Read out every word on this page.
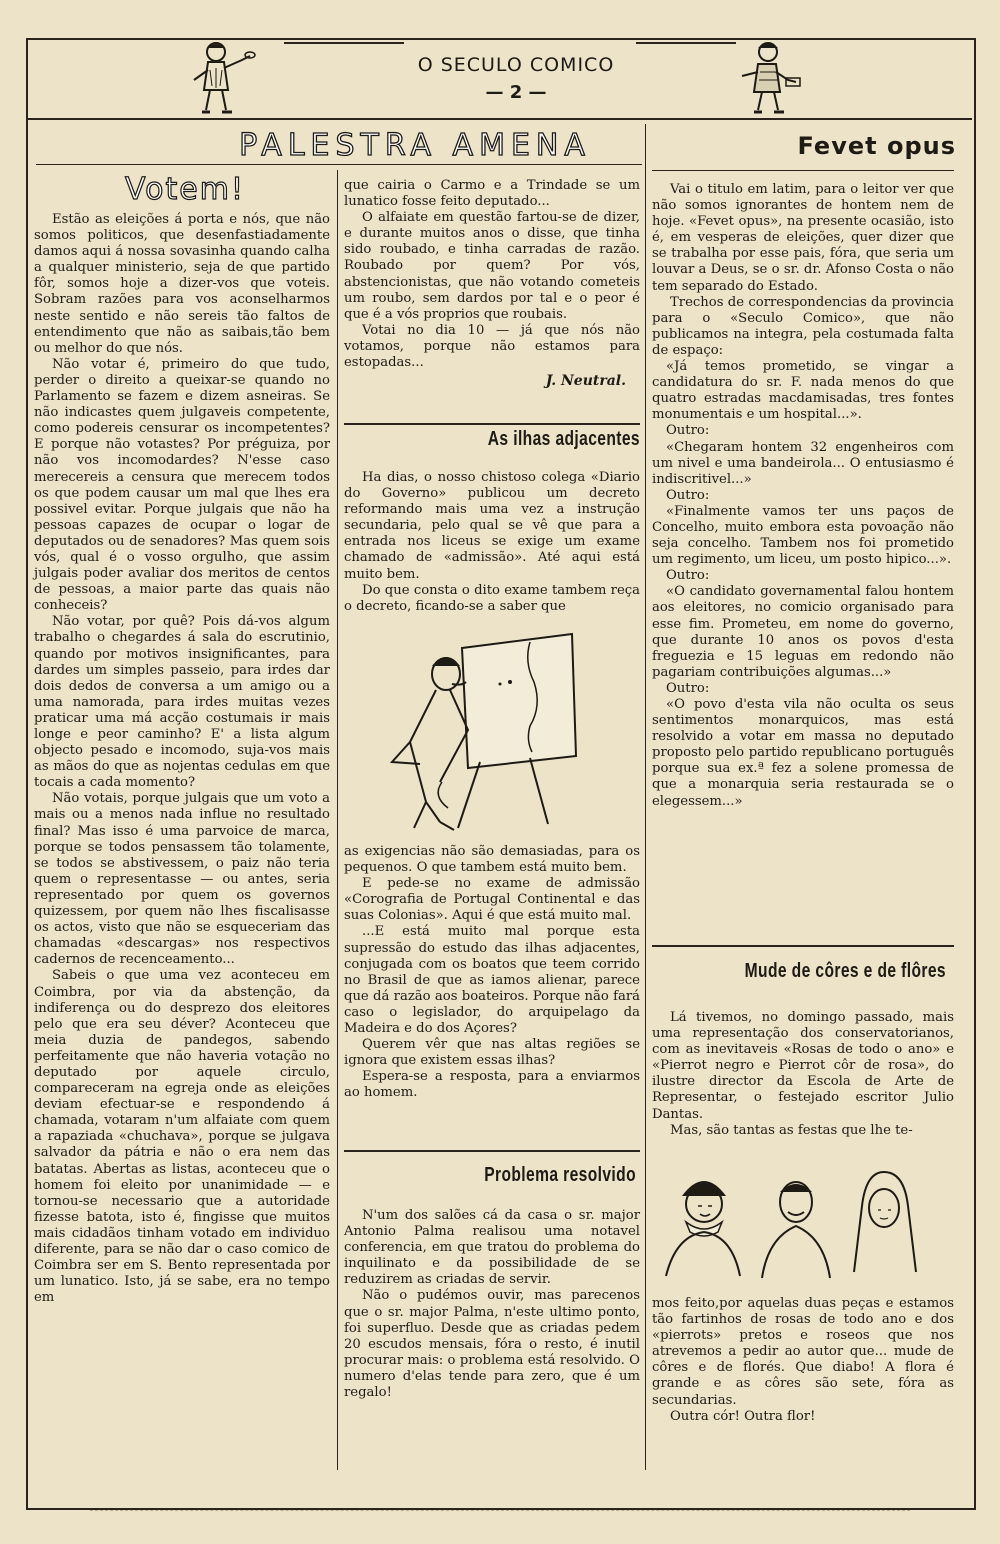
O SECULO COMICO
— 2 —
PALESTRA AMENA	Fevet opus
Votem!

Estão as eleições á porta e nós, que não somos politicos, que desenfastiadamente damos aqui á nossa sovasinha quando calha a qualquer ministerio, seja de que partido fôr, somos hoje a dizer-vos que voteis. Sobram razões para vos aconselharmos neste sentido e não sereis tão faltos de entendimento que não as saibais,tão bem ou melhor do que nós.

Não votar é, primeiro do que tudo, perder o direito a queixar-se quando no Parlamento se fazem e dizem asneiras. Se não indicastes quem julgaveis competente, como podereis censurar os incompetentes? E porque não votastes? Por préguiza, por não vos incomodardes? N'esse caso merecereis a censura que merecem todos os que podem causar um mal que lhes era possivel evitar. Porque julgais que não ha pessoas capazes de ocupar o logar de deputados ou de senadores? Mas quem sois vós, qual é o vosso orgulho, que assim julgais poder avaliar dos meritos de centos de pessoas, a maior parte das quais não conheceis?

Não votar, por quê? Pois dá-vos algum trabalho o chegardes á sala do escrutinio, quando por motivos insignificantes, para dardes um simples passeio, para irdes dar dois dedos de conversa a um amigo ou a uma namorada, para irdes muitas vezes praticar uma má acção costumais ir mais longe e peor caminho? E' a lista algum objecto pesado e incomodo, suja-vos mais as mãos do que as nojentas cedulas em que tocais a cada momento?

Não votais, porque julgais que um voto a mais ou a menos nada influe no resultado final? Mas isso é uma parvoice de marca, porque se todos pensassem tão tolamente, se todos se abstivessem, o paiz não teria quem o representasse — ou antes, seria representado por quem os governos quizessem, por quem não lhes fiscalisasse os actos, visto que não se esqueceriam das chamadas «descargas» nos respectivos cadernos de recenceamento...

Sabeis o que uma vez aconteceu em Coimbra, por via da abstenção, da indiferença ou do desprezo dos eleitores pelo que era seu déver? Aconteceu que meia duzia de pandegos, sabendo perfeitamente que não haveria votação no deputado por aquele circulo, compareceram na egreja onde as eleições deviam efectuar-se e respondendo á chamada, votaram n'um alfaiate com quem a rapaziada «chuchava», porque se julgava salvador da pátria e não o era nem das batatas. Abertas as listas, aconteceu que o homem foi eleito por unanimidade — e tornou-se necessario que a autoridade fizesse batota, isto é, fingisse que muitos mais cidadãos tinham votado em individuo diferente, para se não dar o caso comico de Coimbra ser em S. Bento representada por um lunatico. Isto, já se sabe, era no tempo em

que cairia o Carmo e a Trindade se um lunatico fosse feito deputado...

O alfaiate em questão fartou-se de dizer, e durante muitos anos o disse, que tinha sido roubado, e tinha carradas de razão. Roubado por quem? Por vós, abstencionistas, que não votando cometeis um roubo, sem dardos por tal e o peor é que é a vós proprios que roubais.

Votai no dia 10 — já que nós não votamos, porque não estamos para estopadas...

J. Neutral.
As ilhas adjacentes

Ha dias, o nosso chistoso colega «Diario do Governo» publicou um decreto reformando mais uma vez a instrução secundaria, pelo qual se vê que para a entrada nos liceus se exige um exame chamado de «admissão». Até aqui está muito bem.

Do que consta o dito exame tambem reça o decreto, ficando-se a saber que

as exigencias não são demasiadas, para os pequenos. O que tambem está muito bem.

E pede-se no exame de admissão «Corografia de Portugal Continental e das suas Colonias». Aqui é que está muito mal.

...E está muito mal porque esta supressão do estudo das ilhas adjacentes, conjugada com os boatos que teem corrido no Brasil de que as iamos alienar, parece que dá razão aos boateiros. Porque não fará caso o legislador, do arquipelago da Madeira e do dos Açores?

Querem vêr que nas altas regiões se ignora que existem essas ilhas?

Espera-se a resposta, para a enviarmos ao homem.

Problema resolvido

N'um dos salões cá da casa o sr. major Antonio Palma realisou uma notavel conferencia, em que tratou do problema do inquilinato e da possibilidade de se reduzirem as criadas de servir.

Não o pudémos ouvir, mas parecenos que o sr. major Palma, n'este ultimo ponto, foi superfluo. Desde que as criadas pedem 20 escudos mensais, fóra o resto, é inutil procurar mais: o problema está resolvido. O numero d'elas tende para zero, que é um regalo!

Vai o titulo em latim, para o leitor ver que não somos ignorantes de hontem nem de hoje. «Fevet opus», na presente ocasião, isto é, em vesperas de eleições, quer dizer que se trabalha por esse pais, fóra, que seria um louvar a Deus, se o sr. dr. Afonso Costa o não tem separado do Estado.

Trechos de correspondencias da provincia para o «Seculo Comico», que não publicamos na integra, pela costumada falta de espaço:

«Já temos prometido, se vingar a candidatura do sr. F. nada menos do que quatro estradas macdamisadas, tres fontes monumentais e um hospital...».

Outro:

«Chegaram hontem 32 engenheiros com um nivel e uma bandeirola... O entusiasmo é indiscritivel...»

Outro:

«Finalmente vamos ter uns paços de Concelho, muito embora esta povoação não seja concelho. Tambem nos foi prometido um regimento, um liceu, um posto hipico...».

Outro:

«O candidato governamental falou hontem aos eleitores, no comicio organisado para esse fim. Prometeu, em nome do governo, que durante 10 anos os povos d'esta freguezia e 15 leguas em redondo não pagariam contribuições algumas...»

Outro:

«O povo d'esta vila não oculta os seus sentimentos monarquicos, mas está resolvido a votar em massa no deputado proposto pelo partido republicano português porque sua ex.ª fez a solene promessa de que a monarquia seria restaurada se o elegessem...»

Mude de côres e de flôres

Lá tivemos, no domingo passado, mais uma representação dos conservatorianos, com as inevitaveis «Rosas de todo o ano» e «Pierrot negro e Pierrot côr de rosa», do ilustre director da Escola de Arte de Representar, o festejado escritor Julio Dantas.

Mas, são tantas as festas que lhe te-

mos feito,por aquelas duas peças e estamos tão fartinhos de rosas de todo ano e dos «pierrots» pretos e roseos que nos atrevemos a pedir ao autor que... mude de côres e de florés. Que diabo! A flora é grande e as côres são sete, fóra as secundarias.

Outra cór! Outra flor!
